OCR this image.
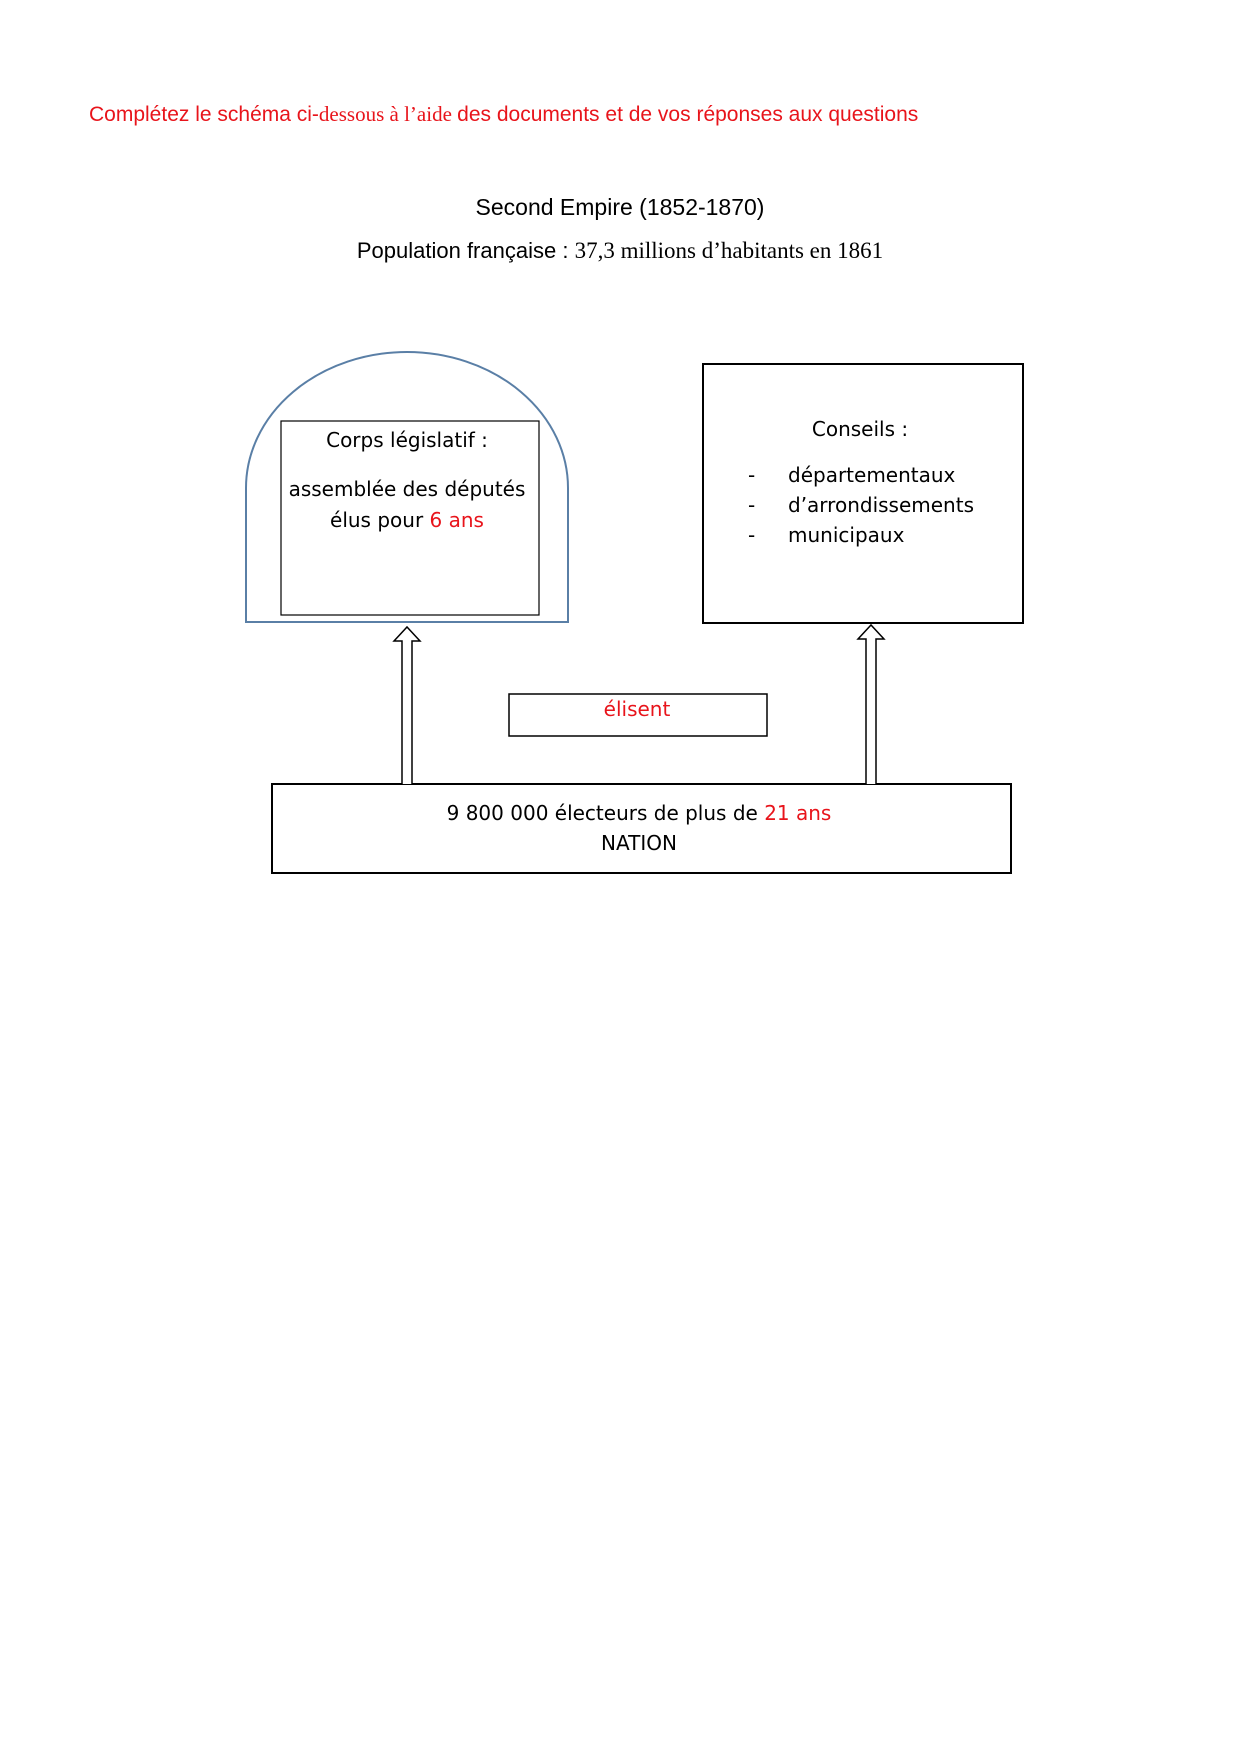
Complétez le schéma ci-dessous à l’aide des documents et de vos réponses aux questions
Second Empire (1852-1870)
Population française : 37,3 millions d’habitants en 1861
Corps législatif :
assemblée des députés
élus pour 6 ans
Conseils :
- départementaux
- d’arrondissements
- municipaux
élisent
9 800 000 électeurs de plus de 21 ans
NATION
